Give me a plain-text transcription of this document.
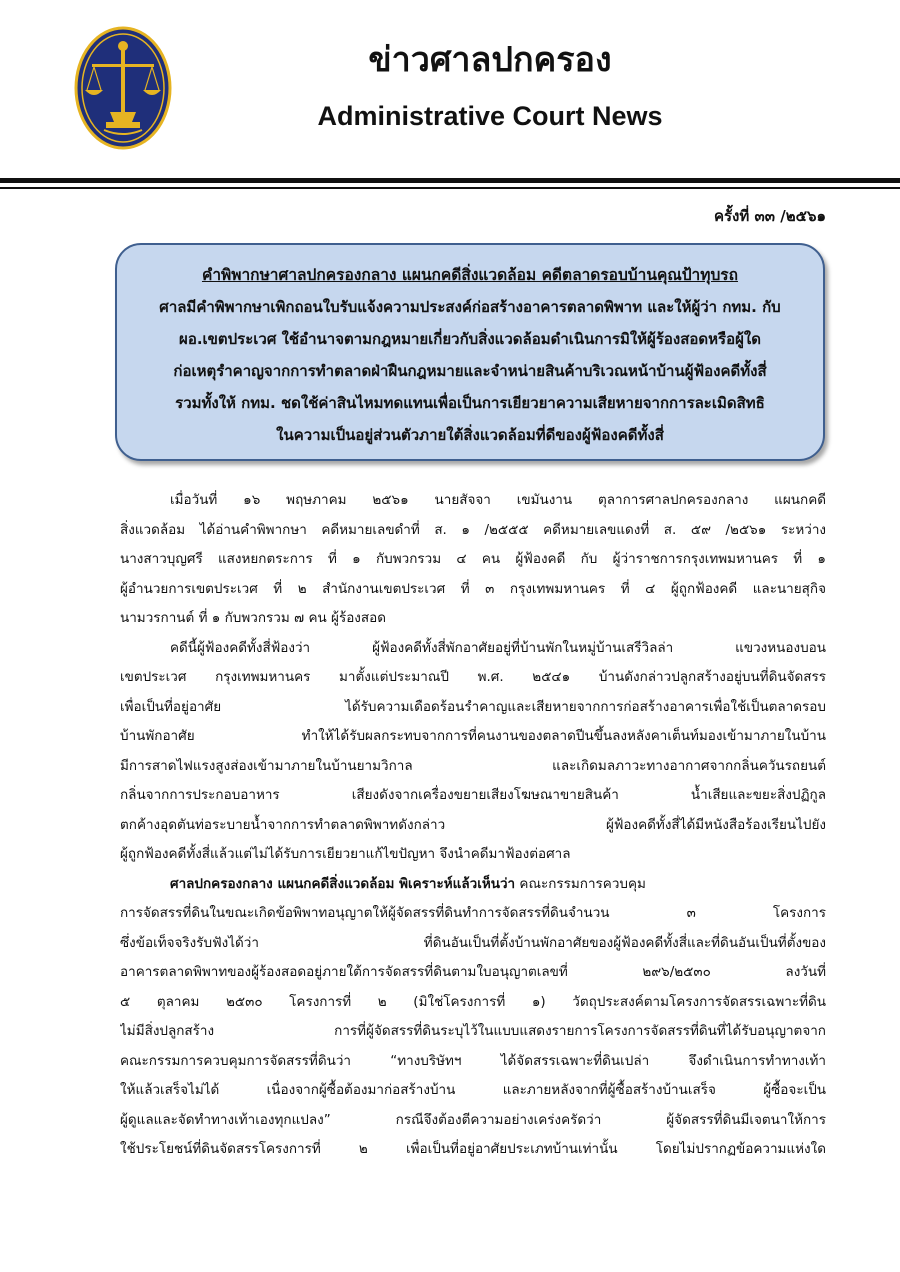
ข่าวศาลปกครอง
Administrative Court News
ครั้งที่ ๓๓ /๒๕๖๑
คำพิพากษาศาลปกครองกลาง แผนกคดีสิ่งแวดล้อม คดีตลาดรอบบ้านคุณป้าทุบรถ
ศาลมีคำพิพากษาเพิกถอนใบรับแจ้งความประสงค์ก่อสร้างอาคารตลาดพิพาท และให้ผู้ว่า กทม. กับ
ผอ.เขตประเวศ ใช้อำนาจตามกฎหมายเกี่ยวกับสิ่งแวดล้อมดำเนินการมิให้ผู้ร้องสอดหรือผู้ใด
ก่อเหตุรำคาญจากการทำตลาดฝ่าฝืนกฎหมายและจำหน่ายสินค้าบริเวณหน้าบ้านผู้ฟ้องคดีทั้งสี่
รวมทั้งให้ กทม. ชดใช้ค่าสินไหมทดแทนเพื่อเป็นการเยียวยาความเสียหายจากการละเมิดสิทธิ
ในความเป็นอยู่ส่วนตัวภายใต้สิ่งแวดล้อมที่ดีของผู้ฟ้องคดีทั้งสี่
เมื่อวันที่ ๑๖ พฤษภาคม ๒๕๖๑ นายสัจจา เขมันงาน ตุลาการศาลปกครองกลาง แผนกคดี
สิ่งแวดล้อม ได้อ่านคำพิพากษา คดีหมายเลขดำที่ ส. ๑ /๒๕๕๕ คดีหมายเลขแดงที่ ส. ๕๙ /๒๕๖๑ ระหว่าง
นางสาวบุญศรี แสงหยกตระการ ที่ ๑ กับพวกรวม ๔ คน ผู้ฟ้องคดี กับ ผู้ว่าราชการกรุงเทพมหานคร ที่ ๑
ผู้อำนวยการเขตประเวศ ที่ ๒ สำนักงานเขตประเวศ ที่ ๓ กรุงเทพมหานคร ที่ ๔ ผู้ถูกฟ้องคดี และนายสุกิจ
นามวรกานต์ ที่ ๑ กับพวกรวม ๗ คน ผู้ร้องสอด
คดีนี้ผู้ฟ้องคดีทั้งสี่ฟ้องว่า ผู้ฟ้องคดีทั้งสี่พักอาศัยอยู่ที่บ้านพักในหมู่บ้านเสรีวิลล่า แขวงหนองบอน
เขตประเวศ กรุงเทพมหานคร มาตั้งแต่ประมาณปี พ.ศ. ๒๕๔๑ บ้านดังกล่าวปลูกสร้างอยู่บนที่ดินจัดสรร
เพื่อเป็นที่อยู่อาศัย ได้รับความเดือดร้อนรำคาญและเสียหายจากการก่อสร้างอาคารเพื่อใช้เป็นตลาดรอบ
บ้านพักอาศัย ทำให้ได้รับผลกระทบจากการที่คนงานของตลาดปีนขึ้นลงหลังคาเต็นท์มองเข้ามาภายในบ้าน
มีการสาดไฟแรงสูงส่องเข้ามาภายในบ้านยามวิกาล และเกิดมลภาวะทางอากาศจากกลิ่นควันรถยนต์
กลิ่นจากการประกอบอาหาร เสียงดังจากเครื่องขยายเสียงโฆษณาขายสินค้า น้ำเสียและขยะสิ่งปฏิกูล
ตกค้างอุดตันท่อระบายน้ำจากการทำตลาดพิพาทดังกล่าว ผู้ฟ้องคดีทั้งสี่ได้มีหนังสือร้องเรียนไปยัง
ผู้ถูกฟ้องคดีทั้งสี่แล้วแต่ไม่ได้รับการเยียวยาแก้ไขปัญหา จึงนำคดีมาฟ้องต่อศาล
ศาลปกครองกลาง แผนกคดีสิ่งแวดล้อม พิเคราะห์แล้วเห็นว่า คณะกรรมการควบคุม
การจัดสรรที่ดินในขณะเกิดข้อพิพาทอนุญาตให้ผู้จัดสรรที่ดินทำการจัดสรรที่ดินจำนวน ๓ โครงการ
ซึ่งข้อเท็จจริงรับฟังได้ว่า ที่ดินอันเป็นที่ตั้งบ้านพักอาศัยของผู้ฟ้องคดีทั้งสี่และที่ดินอันเป็นที่ตั้งของ
อาคารตลาดพิพาทของผู้ร้องสอดอยู่ภายใต้การจัดสรรที่ดินตามใบอนุญาตเลขที่ ๒๙๖/๒๕๓๐ ลงวันที่
๕ ตุลาคม ๒๕๓๐ โครงการที่ ๒ (มิใช่โครงการที่ ๑) วัตถุประสงค์ตามโครงการจัดสรรเฉพาะที่ดิน
ไม่มีสิ่งปลูกสร้าง การที่ผู้จัดสรรที่ดินระบุไว้ในแบบแสดงรายการโครงการจัดสรรที่ดินที่ได้รับอนุญาตจาก
คณะกรรมการควบคุมการจัดสรรที่ดินว่า “ทางบริษัทฯ ได้จัดสรรเฉพาะที่ดินเปล่า จึงดำเนินการทำทางเท้า
ให้แล้วเสร็จไม่ได้ เนื่องจากผู้ซื้อต้องมาก่อสร้างบ้าน และภายหลังจากที่ผู้ซื้อสร้างบ้านเสร็จ ผู้ซื้อจะเป็น
ผู้ดูแลและจัดทำทางเท้าเองทุกแปลง” กรณีจึงต้องตีความอย่างเคร่งครัดว่า ผู้จัดสรรที่ดินมีเจตนาให้การ
ใช้ประโยชน์ที่ดินจัดสรรโครงการที่ ๒ เพื่อเป็นที่อยู่อาศัยประเภทบ้านเท่านั้น โดยไม่ปรากฏข้อความแห่งใด
